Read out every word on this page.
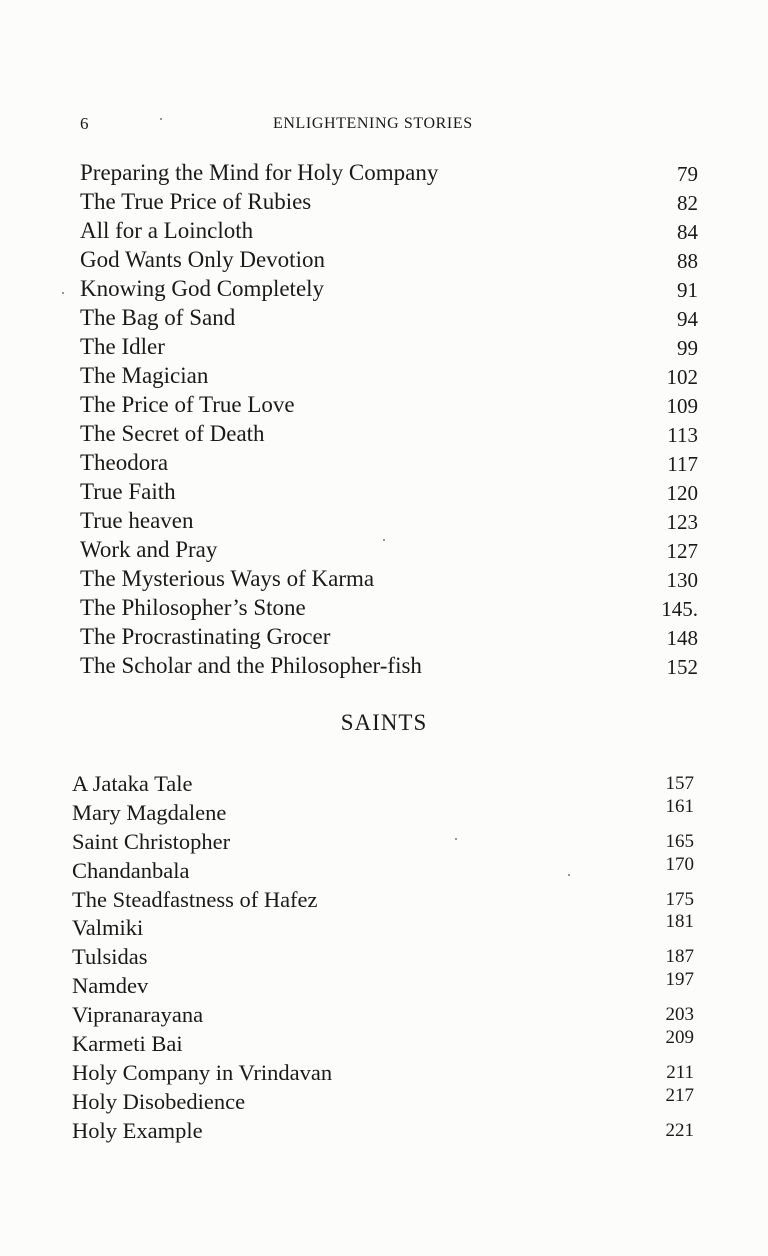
6	ENLIGHTENING STORIES
Preparing the Mind for Holy Company	79
The True Price of Rubies	82
All for a Loincloth	84
God Wants Only Devotion	88
Knowing God Completely	91
The Bag of Sand	94
The Idler	99
The Magician	102
The Price of True Love	109
The Secret of Death	113
Theodora	117
True Faith	120
True heaven	123
Work and Pray	127
The Mysterious Ways of Karma	130
The Philosopher’s Stone	145.
The Procrastinating Grocer	148
The Scholar and the Philosopher-fish	152
SAINTS
A Jataka Tale	157
Mary Magdalene	161
Saint Christopher	165
Chandanbala	170
The Steadfastness of Hafez	175
Valmiki	181
Tulsidas	187
Namdev	197
Vipranarayana	203
Karmeti Bai	209
Holy Company in Vrindavan	211
Holy Disobedience	217
Holy Example	221
